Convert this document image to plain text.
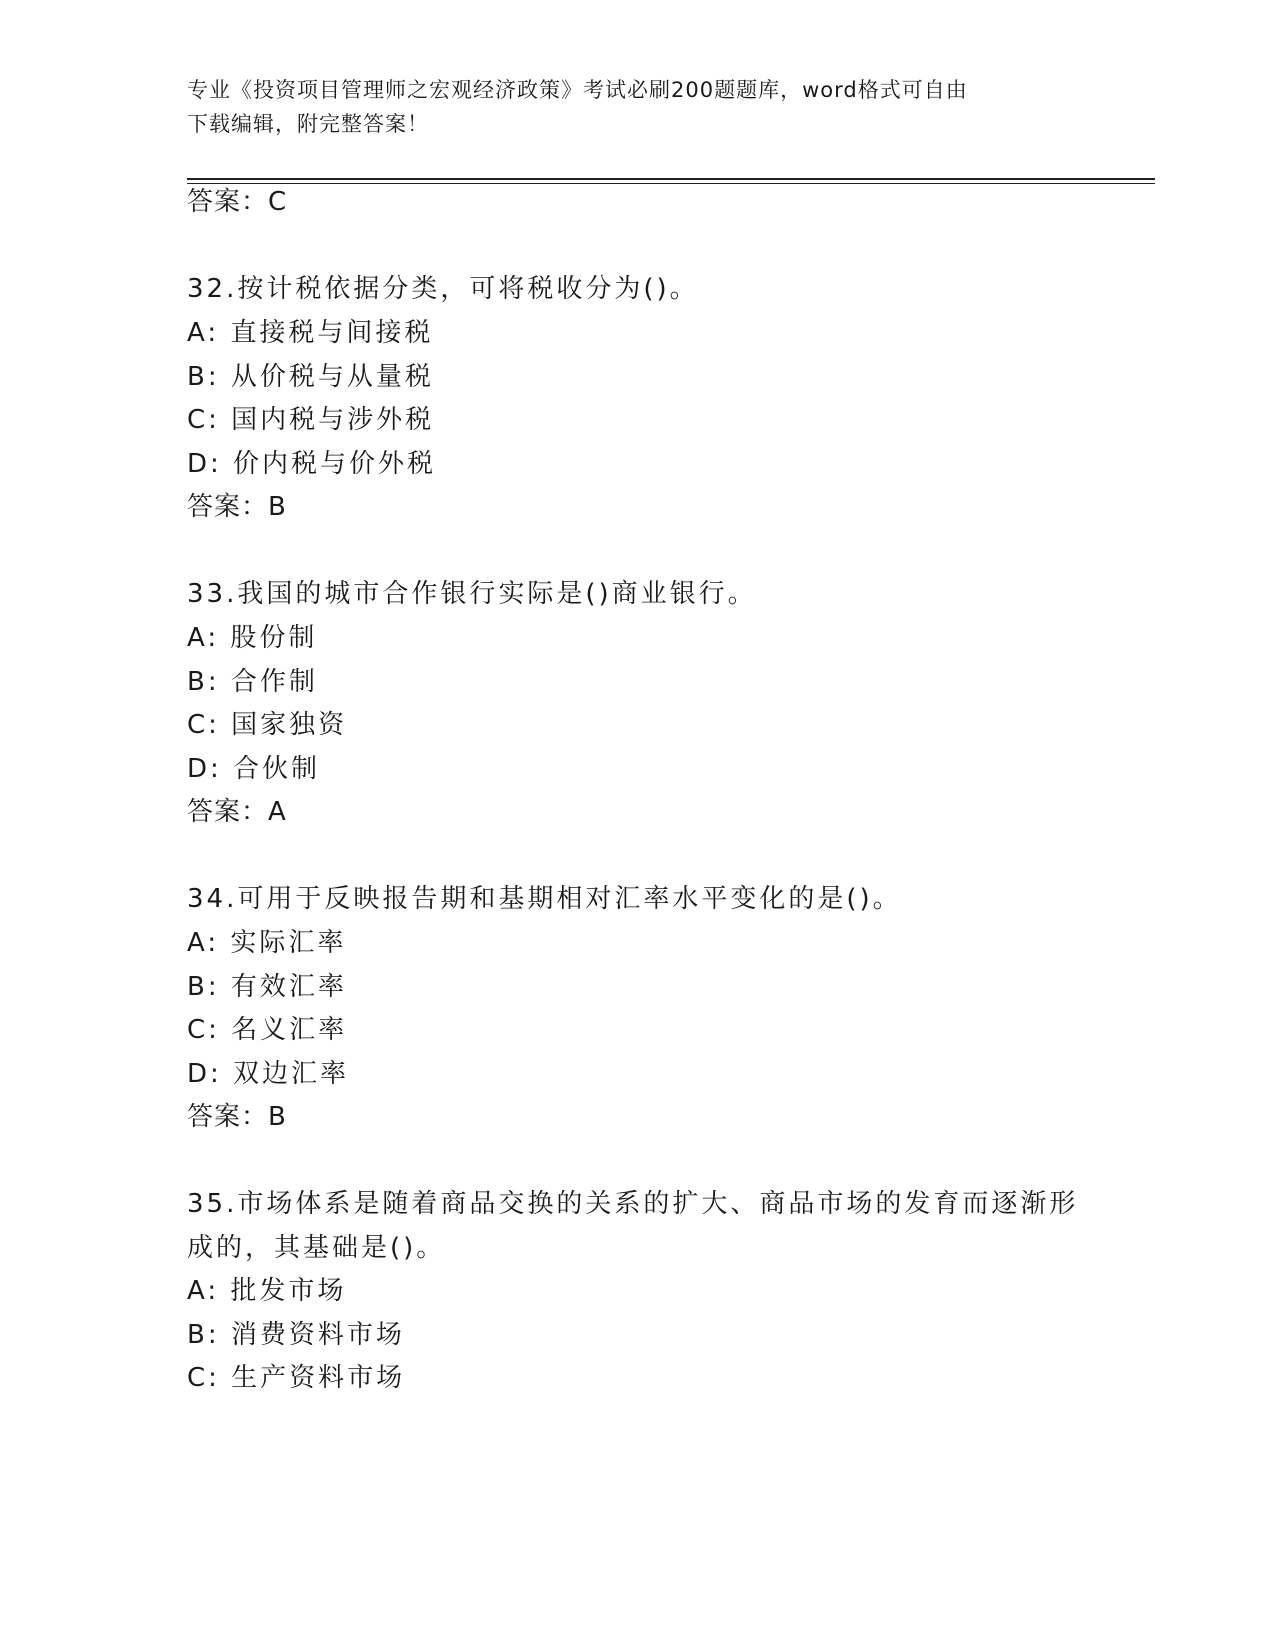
专业《投资项目管理师之宏观经济政策》考试必刷200题题库，word格式可自由
下载编辑，附完整答案！
答案：C
32.按计税依据分类，可将税收分为()。
A: 直接税与间接税
B: 从价税与从量税
C: 国内税与涉外税
D: 价内税与价外税
答案：B
33.我国的城市合作银行实际是()商业银行。
A: 股份制
B: 合作制
C: 国家独资
D: 合伙制
答案：A
34.可用于反映报告期和基期相对汇率水平变化的是()。
A: 实际汇率
B: 有效汇率
C: 名义汇率
D: 双边汇率
答案：B
35.市场体系是随着商品交换的关系的扩大、商品市场的发育而逐渐形
成的，其基础是()。
A: 批发市场
B: 消费资料市场
C: 生产资料市场
